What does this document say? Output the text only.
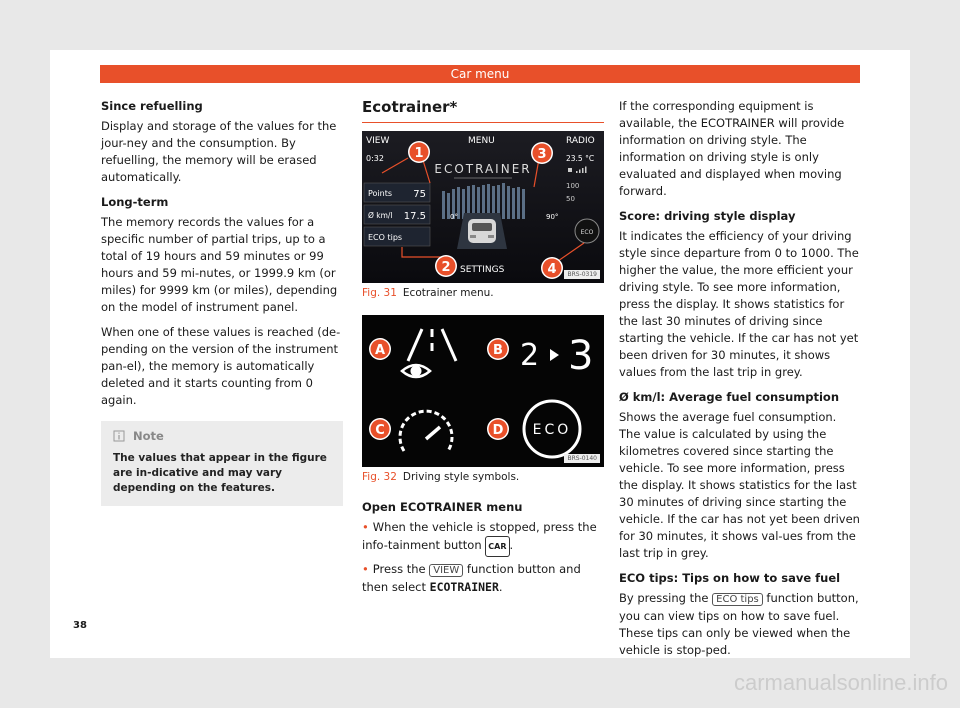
Car menu
Since refuelling
Display and storage of the values for the jour-ney and the consumption. By refuelling, the memory will be erased automatically.
Long-term
The memory records the values for a specific number of partial trips, up to a total of 19 hours and 59 minutes or 99 hours and 59 mi-nutes, or 1999.9 km (or miles) for 9999 km (or miles), depending on the model of instrument panel.
When one of these values is reached (de-pending on the version of the instrument pan-el), the memory is automatically deleted and it starts counting from 0 again.
Note
The values that appear in the figure are in-dicative and may vary depending on the features.
Ecotrainer*
VIEW	MENU	RADIO
0:32	23.5 °C
ECOTRAINER
100
50
Points 75
Ø km/l 17.5
ECO tips
0°	90°
ECO
SETTINGS
1
2
3
4	BRS-0319
Fig. 31 Ecotrainer menu.
2 3
ECO
A	B
C	D
BRS-0140
Fig. 32 Driving style symbols.
Open ECOTRAINER menu
• When the vehicle is stopped, press the info-tainment button CAR .
• Press the VIEW function button and then select ECOTRAINER.
If the corresponding equipment is available, the ECOTRAINER will provide information on driving style. The information on driving style is only evaluated and displayed when moving forward.
Score: driving style display
It indicates the efficiency of your driving style since departure from 0 to 1000. The higher the value, the more efficient your driving style. To see more information, press the display. It shows statistics for the last 30 minutes of driving since starting the vehicle. If the car has not yet been driven for 30 minutes, it shows values from the last trip in grey.
Ø km/l: Average fuel consumption
Shows the average fuel consumption. The value is calculated by using the kilometres covered since starting the vehicle. To see more information, press the display. It shows statistics for the last 30 minutes of driving since starting the vehicle. If the car has not yet been driven for 30 minutes, it shows val-ues from the last trip in grey.
ECO tips: Tips on how to save fuel
By pressing the ECO tips function button, you can view tips on how to save fuel. These tips can only be viewed when the vehicle is stop-ped.
38
carmanualsonline.info
